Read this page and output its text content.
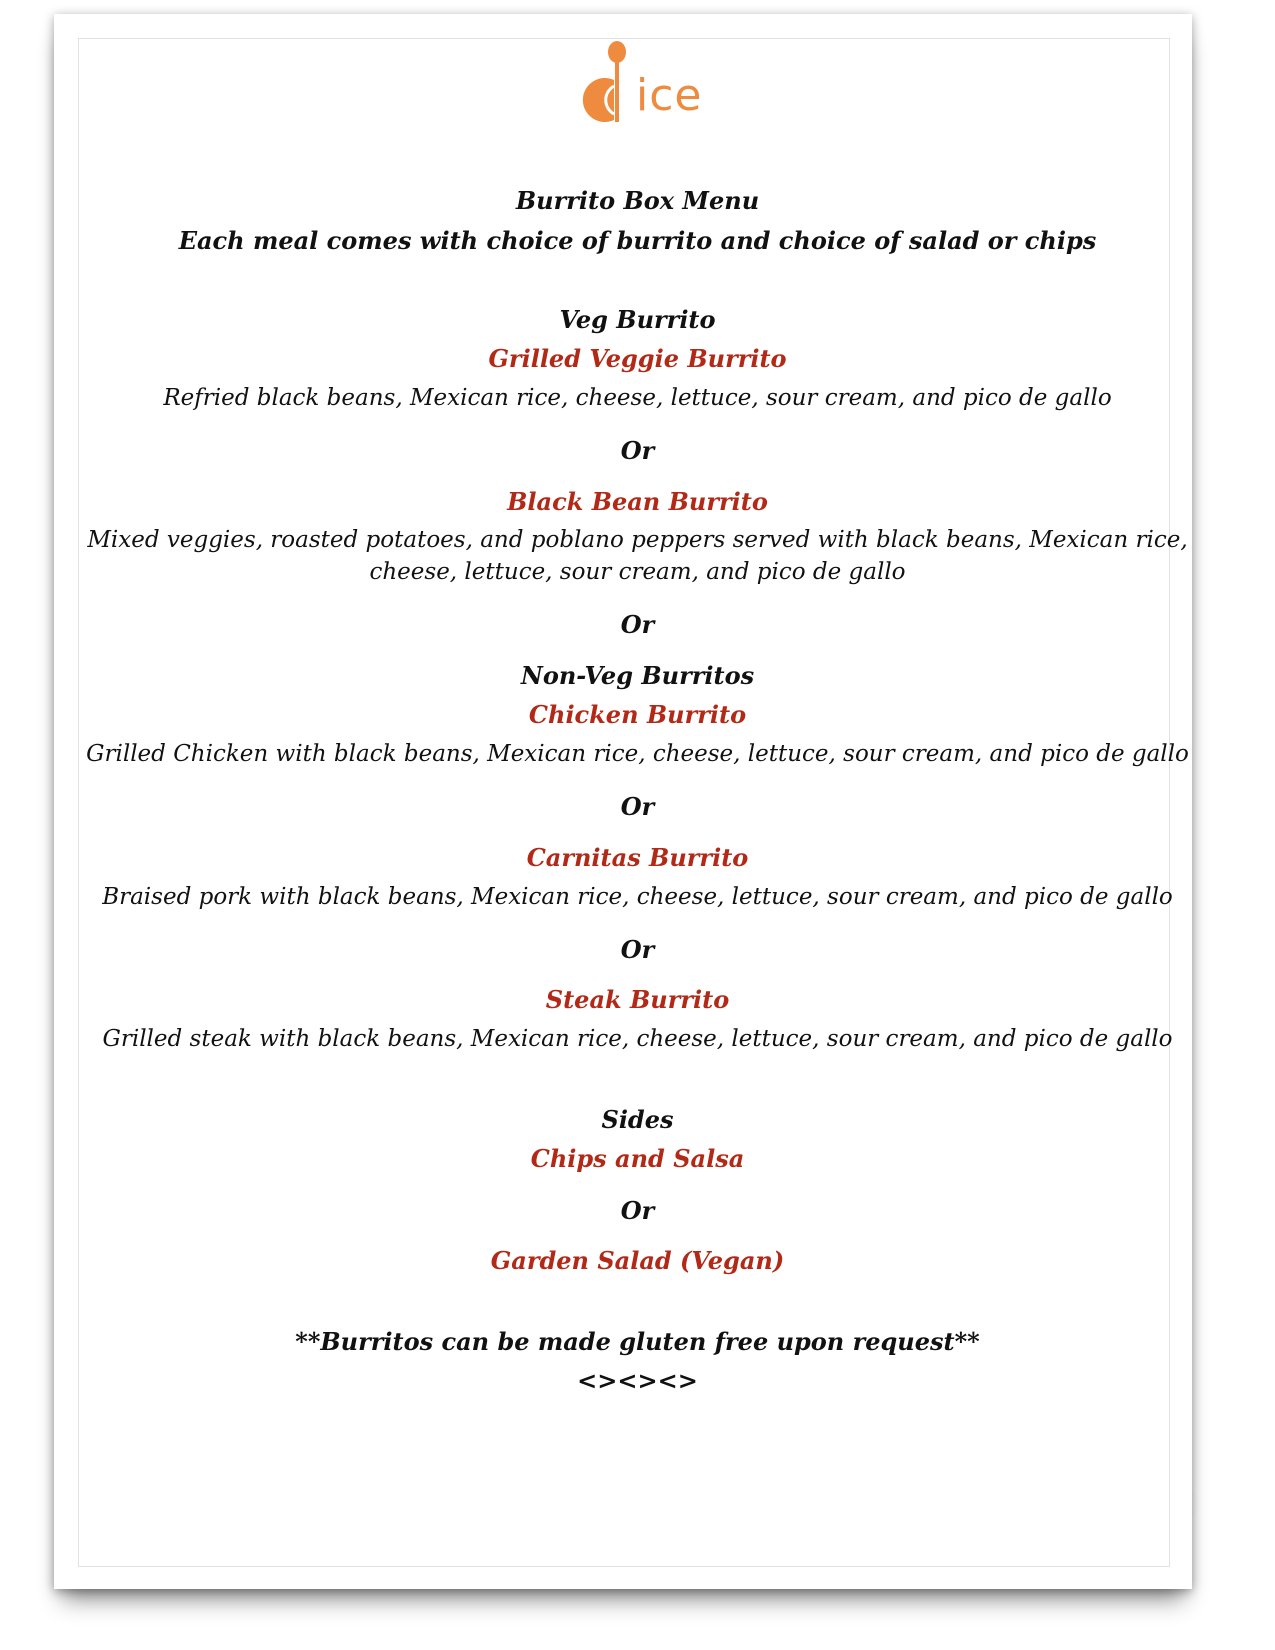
ice
Burrito Box Menu
Each meal comes with choice of burrito and choice of salad or chips
Veg Burrito
Grilled Veggie Burrito
Refried black beans, Mexican rice, cheese, lettuce, sour cream, and pico de gallo
Or
Black Bean Burrito
Mixed veggies, roasted potatoes, and poblano peppers served with black beans, Mexican rice,
cheese, lettuce, sour cream, and pico de gallo
Or
Non-Veg Burritos
Chicken Burrito
Grilled Chicken with black beans, Mexican rice, cheese, lettuce, sour cream, and pico de gallo
Or
Carnitas Burrito
Braised pork with black beans, Mexican rice, cheese, lettuce, sour cream, and pico de gallo
Or
Steak Burrito
Grilled steak with black beans, Mexican rice, cheese, lettuce, sour cream, and pico de gallo
Sides
Chips and Salsa
Or
Garden Salad (Vegan)
**Burritos can be made gluten free upon request**
<><><>
